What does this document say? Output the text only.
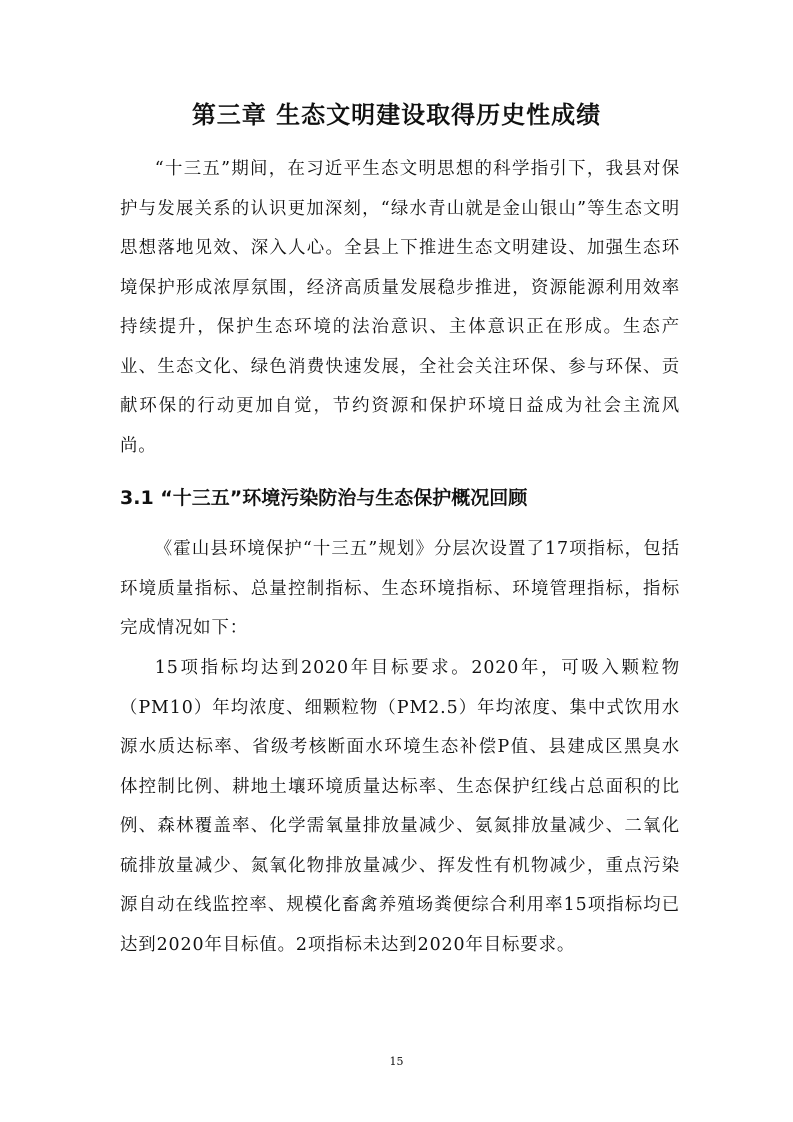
第三章 生态文明建设取得历史性成绩

“十三五”期间，在习近平生态文明思想的科学指引下，我县对保护与发展关系的认识更加深刻，“绿水青山就是金山银山”等生态文明思想落地见效、深入人心。全县上下推进生态文明建设、加强生态环境保护形成浓厚氛围，经济高质量发展稳步推进，资源能源利用效率持续提升，保护生态环境的法治意识、主体意识正在形成。生态产业、生态文化、绿色消费快速发展，全社会关注环保、参与环保、贡献环保的行动更加自觉，节约资源和保护环境日益成为社会主流风尚。

3.1 “十三五”环境污染防治与生态保护概况回顾

《霍山县环境保护“十三五”规划》分层次设置了17项指标，包括环境质量指标、总量控制指标、生态环境指标、环境管理指标，指标完成情况如下：

15项指标均达到2020年目标要求。2020年，可吸入颗粒物（PM10）年均浓度、细颗粒物（PM2.5）年均浓度、集中式饮用水源水质达标率、省级考核断面水环境生态补偿P值、县建成区黑臭水体控制比例、耕地土壤环境质量达标率、生态保护红线占总面积的比例、森林覆盖率、化学需氧量排放量减少、氨氮排放量减少、二氧化硫排放量减少、氮氧化物排放量减少、挥发性有机物减少，重点污染源自动在线监控率、规模化畜禽养殖场粪便综合利用率15项指标均已达到2020年目标值。2项指标未达到2020年目标要求。

15
